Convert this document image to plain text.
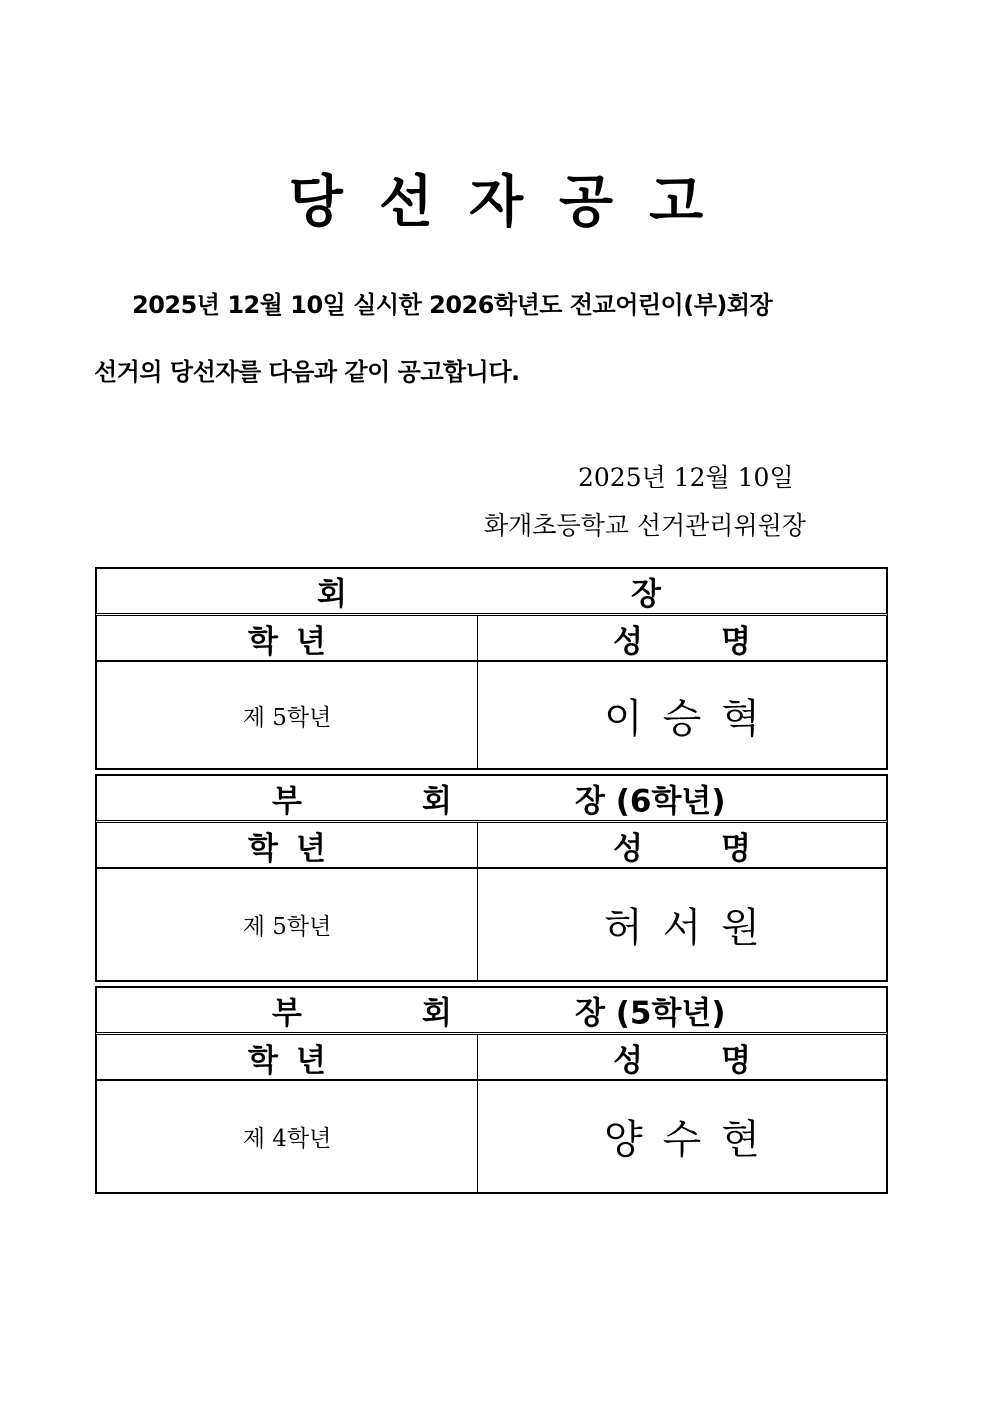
당선자공고
2025년 12월 10일 실시한 2026학년도 전교어린이(부)회장
선거의 당선자를 다음과 같이 공고합니다.
2025년 12월 10일
화개초등학교 선거관리위원장
회	장
학년	성명
제 5학년	이승혁
부	회	장 (6학년)
학년	성명
제 5학년	허서원
부	회	장 (5학년)
학년	성명
제 4학년	양수현
